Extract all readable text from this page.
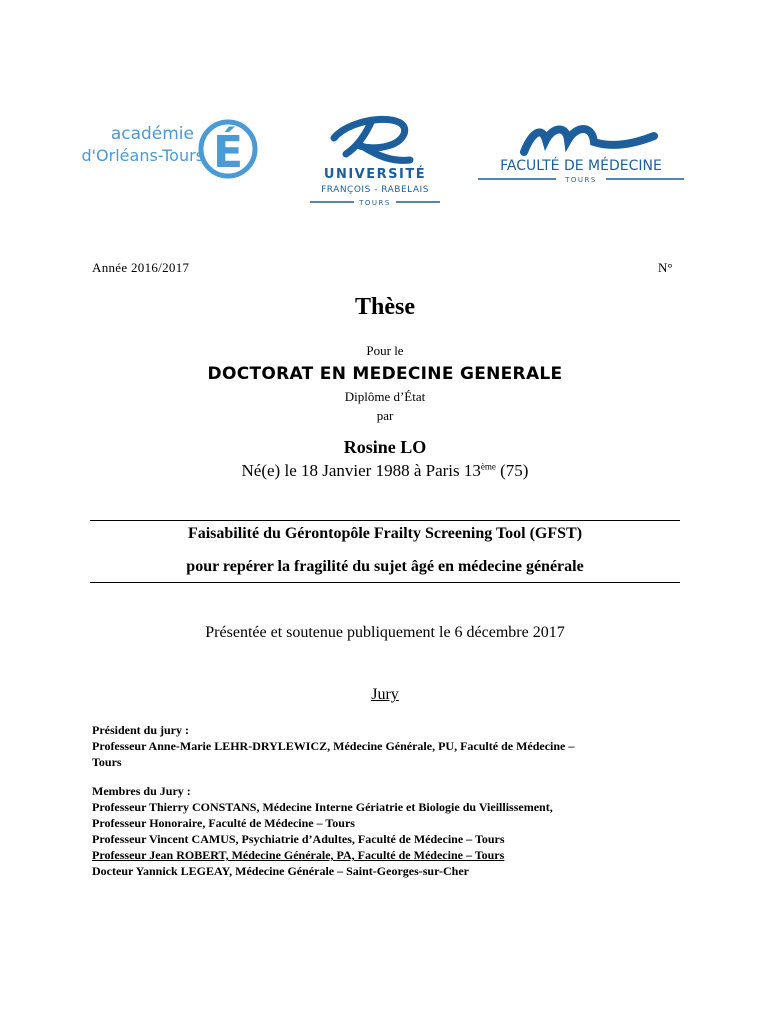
académie
d'Orléans-Tours É	UNIVERSITÉ
FRANÇOIS - RABELAIS
TOURS
FACULTÉ DE MÉDECINE
TOURS
Année 2016/2017	N°
Thèse
Pour le
DOCTORAT EN MEDECINE GENERALE
Diplôme d’État
par
Rosine LO
Né(e) le 18 Janvier 1988 à Paris 13ème (75)
Faisabilité du Gérontopôle Frailty Screening Tool (GFST)
pour repérer la fragilité du sujet âgé en médecine générale
Présentée et soutenue publiquement le 6 décembre 2017
Jury
Président du jury :
Professeur Anne-Marie LEHR-DRYLEWICZ, Médecine Générale, PU, Faculté de Médecine –
Tours
Membres du Jury :
Professeur Thierry CONSTANS, Médecine Interne Gériatrie et Biologie du Vieillissement,
Professeur Honoraire, Faculté de Médecine – Tours
Professeur Vincent CAMUS, Psychiatrie d’Adultes, Faculté de Médecine – Tours
Professeur Jean ROBERT, Médecine Générale, PA, Faculté de Médecine – Tours
Docteur Yannick LEGEAY, Médecine Générale – Saint-Georges-sur-Cher
